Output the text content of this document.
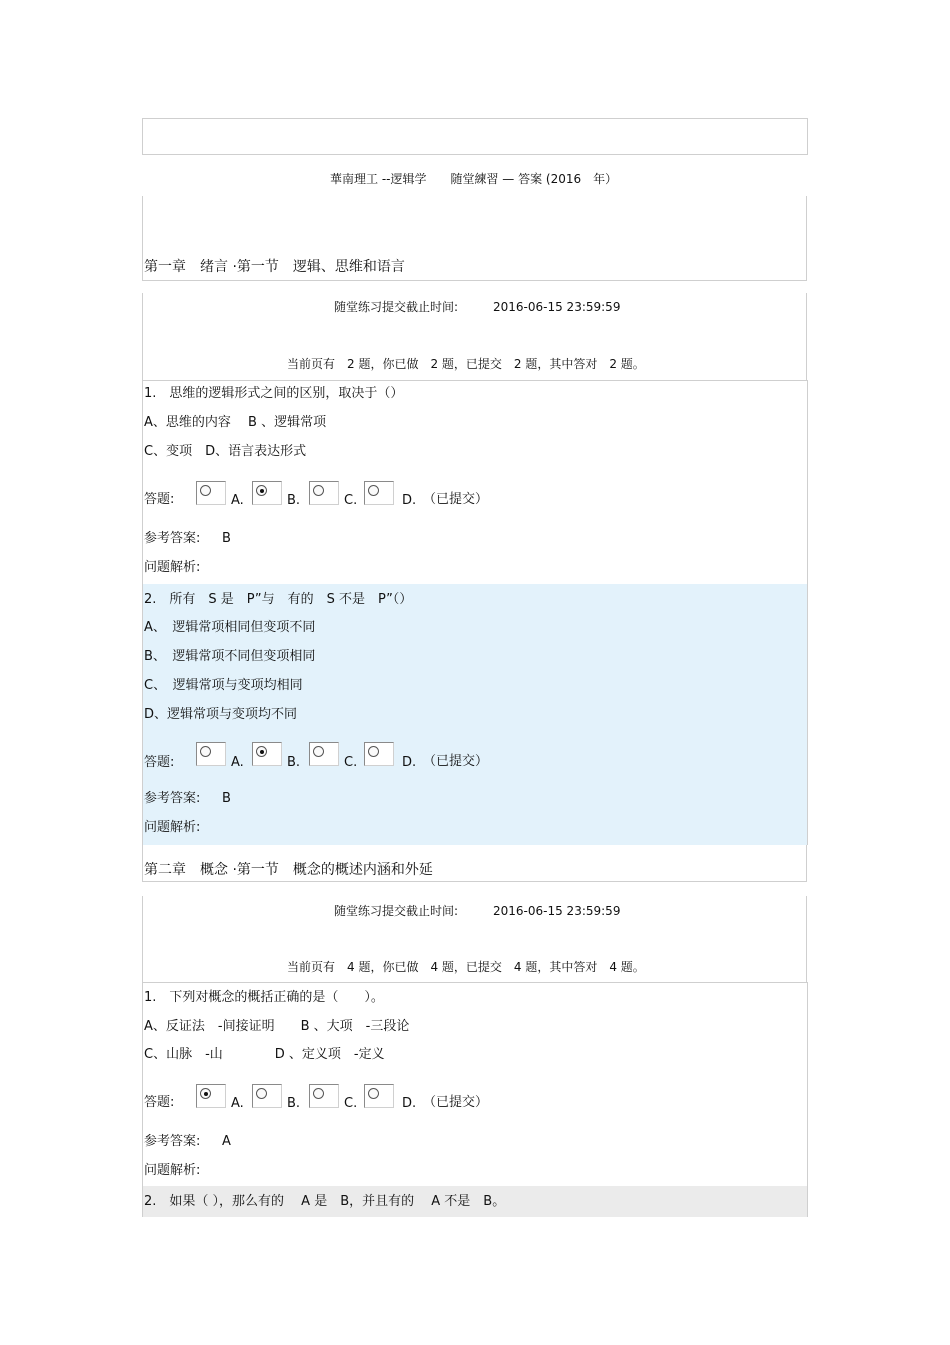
華南理工 --逻辑学　　随堂練習 — 答案 (2016　年）
第一章　绪言 ·第一节　逻辑、思维和语言
随堂练习提交截止时间:	2016-06-15 23:59:59
当前页有　2 题，你已做　2 题，已提交　2 题，其中答对　2 题。
1.　思维的逻辑形式之间的区别，取决于（）
A、思维的内容　 B 、逻辑常项
C、变项　D、语言表达形式
答题:	A.	B.	C.	D. （已提交）
参考答案: B
问题解析:
2.　所有　S 是　P”与　有的　S 不是　P”（）
A、　逻辑常项相同但变项不同
B、　逻辑常项不同但变项相同
C、　逻辑常项与变项均相同
D、逻辑常项与变项均不同
答题:	A.	B.	C.	D. （已提交）
参考答案: B
问题解析:
第二章　概念 ·第一节　概念的概述内涵和外延
随堂练习提交截止时间:	2016-06-15 23:59:59
当前页有　4 题，你已做　4 题，已提交　4 题，其中答对　4 题。
1.　下列对概念的概括正确的是（　　）。
A、反证法　-间接证明　　B 、大项　-三段论
C、山脉　-山　　　　D 、定义项　-定义
答题:	A.	B.	C.	D. （已提交）
参考答案: A
问题解析:
2.　如果（ ），那么有的　 A 是　B，并且有的　 A 不是　B。
